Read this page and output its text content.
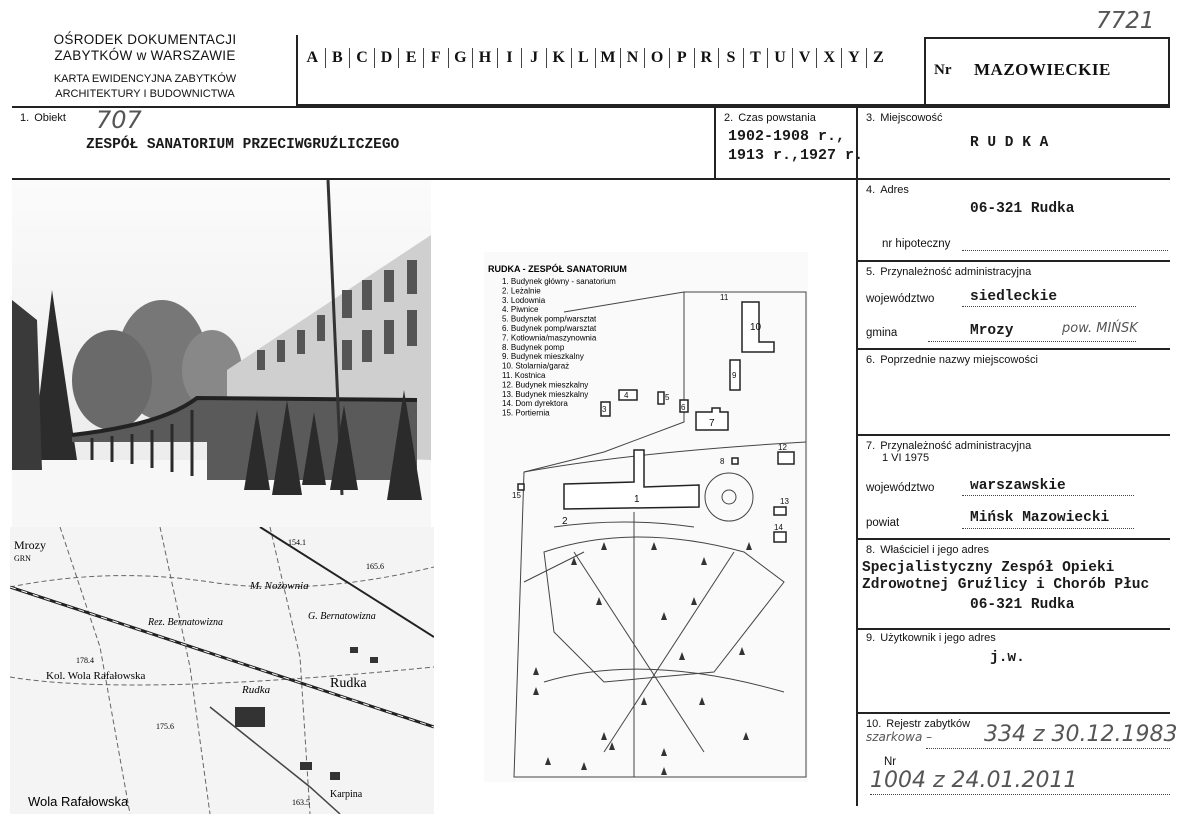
OŚRODEK DOKUMENTACJI
ZABYTKÓW w WARSZAWIE
KARTA EWIDENCYJNA ZABYTKÓW
ARCHITEKTURY I BUDOWNICTWA
A B C D E F G H I	J K L M N O P R S T U V X Y Z
Nr MAZOWIECKIE
7721
1. Obiekt 707
ZESPÓŁ SANATORIUM PRZECIWGRUŹLICZEGO
2. Czas powstania
1902-1908 r.,
1913 r.,1927 r.
3. Miejscowość
R U D K A
4. Adres
06-321 Rudka
nr hipoteczny
5. Przynależność administracyjna
województwo siedleckie
gmina	Mrozy	pow. MIŃSK
6. Poprzednie nazwy miejscowości
7. Przynależność administracyjna
1 VI 1975
województwo warszawskie
powiat	Mińsk Mazowiecki
8. Właściciel i jego adres
Specjalistyczny Zespół Opieki
Zdrowotnej Gruźlicy i Chorób Płuc
06-321 Rudka
9. Użytkownik i jego adres
j.w.
10. Rejestr zabytków
szarkowa – 334 z 30.12.1983
Nr
1004 z 24.01.2011
Mrozy
GRN
M. Nożownia
G. Bernatowizna
Rez. Bernatowizna
Kol. Wola Rafałowska
Rudka	Rudka
Karpina
Wola Rafałowska
154.1
165.6
178.4
175.6
163.5
RUDKA - ZESPÓŁ SANATORIUM
1. Budynek główny - sanatorium
2. Leżalnie
3. Lodownia
4. Piwnice
5. Budynek pomp/warsztat
6. Budynek pomp/warsztat
7. Kotłownia/maszynownia
8. Budynek pomp
9. Budynek mieszkalny
10. Stolarnia/garaż
11. Kostnica
12. Budynek mieszkalny
13. Budynek mieszkalny
14. Dom dyrektora
15. Portiernia
1
2
3
4	5
6
7
8
9
10
11
12
13
14
15
